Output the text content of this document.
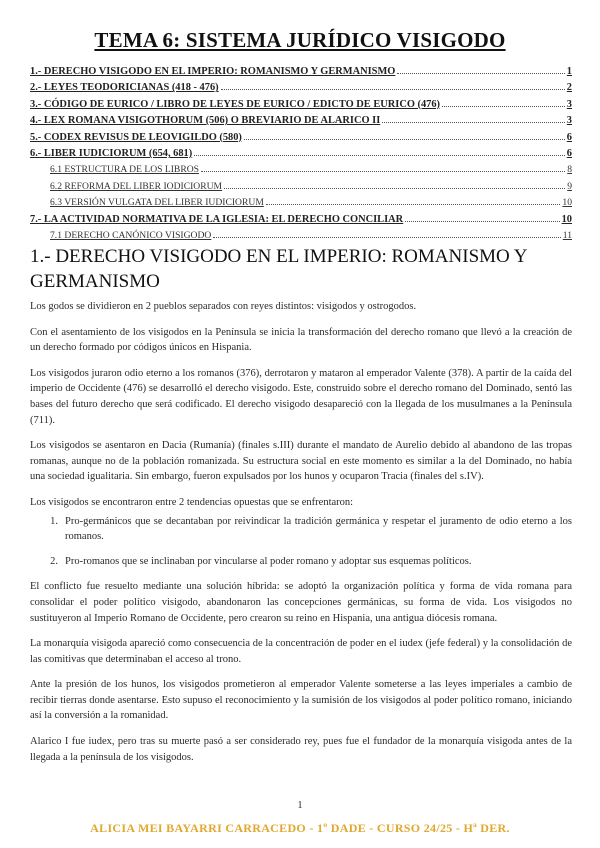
TEMA 6: SISTEMA JURÍDICO VISIGODO
1.- DERECHO VISIGODO EN EL IMPERIO: ROMANISMO Y GERMANISMO	1
2.- LEYES TEODORICIANAS (418 - 476)	2
3.- CÓDIGO DE EURICO / LIBRO DE LEYES DE EURICO / EDICTO DE EURICO (476)	3
4.- LEX ROMANA VISIGOTHORUM (506) O BREVIARIO DE ALARICO II	3
5.- CODEX REVISUS DE LEOVIGILDO (580)	6
6.- LIBER IUDICIORUM (654, 681)	6
6.1 ESTRUCTURA DE LOS LIBROS	8
6.2 REFORMA DEL LIBER IODICIORUM	9
6.3 VERSIÓN VULGATA DEL LIBER IUDICIORUM	10
7.- LA ACTIVIDAD NORMATIVA DE LA IGLESIA: EL DERECHO CONCILIAR	10
7.1 DERECHO CANÓNICO VISIGODO	11
1.- DERECHO VISIGODO EN EL IMPERIO: ROMANISMO Y GERMANISMO

Los godos se dividieron en 2 pueblos separados con reyes distintos: visigodos y ostrogodos.

Con el asentamiento de los visigodos en la Península se inicia la transformación del derecho romano que llevó a la creación de un derecho formado por códigos únicos en Hispania.

Los visigodos juraron odio eterno a los romanos (376), derrotaron y mataron al emperador Valente (378). A partir de la caída del imperio de Occidente (476) se desarrolló el derecho visigodo. Este, construido sobre el derecho romano del Dominado, sentó las bases del futuro derecho que será codificado. El derecho visigodo desapareció con la llegada de los musulmanes a la Península (711).

Los visigodos se asentaron en Dacia (Rumanía) (finales s.III) durante el mandato de Aurelio debido al abandono de las tropas romanas, aunque no de la población romanizada. Su estructura social en este momento es similar a la del Dominado, no había una sociedad igualitaria. Sin embargo, fueron expulsados por los hunos y ocuparon Tracia (finales del s.IV).

Los visigodos se encontraron entre 2 tendencias opuestas que se enfrentaron:

1. Pro-germánicos que se decantaban por reivindicar la tradición germánica y respetar el juramento de odio eterno a los romanos.
2. Pro-romanos que se inclinaban por vincularse al poder romano y adoptar sus esquemas políticos.

El conflicto fue resuelto mediante una solución híbrida: se adoptó la organización política y forma de vida romana para consolidar el poder político visigodo, abandonaron las concepciones germánicas, su forma de vida. Los visigodos no sustituyeron al Imperio Romano de Occidente, pero crearon su reino en Hispania, una antigua diócesis romana.

La monarquía visigoda apareció como consecuencia de la concentración de poder en el iudex (jefe federal) y la consolidación de las comitivas que determinaban el acceso al trono.

Ante la presión de los hunos, los visigodos prometieron al emperador Valente someterse a las leyes imperiales a cambio de recibir tierras donde asentarse. Esto supuso el reconocimiento y la sumisión de los visigodos al poder político romano, iniciando así la conversión a la romanidad.

Alarico I fue iudex, pero tras su muerte pasó a ser considerado rey, pues fue el fundador de la monarquía visigoda antes de la llegada a la península de los visigodos.

1
ALICIA MEI BAYARRI CARRACEDO - 1º DADE - CURSO 24/25 - Hª DER.
